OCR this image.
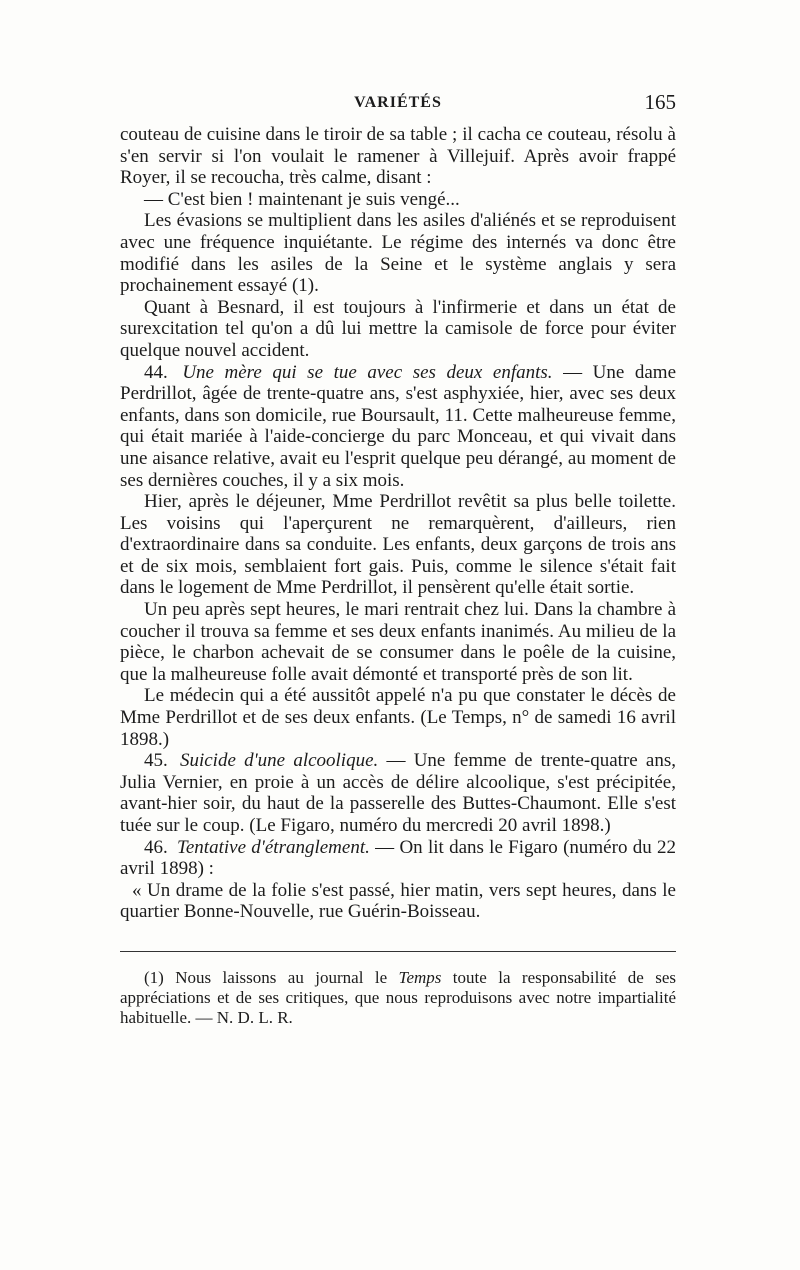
VARIÉTÉS	165

couteau de cuisine dans le tiroir de sa table ; il cacha ce couteau, résolu à s'en servir si l'on voulait le ramener à Villejuif. Après avoir frappé Royer, il se recoucha, très calme, disant :

— C'est bien ! maintenant je suis vengé...

Les évasions se multiplient dans les asiles d'aliénés et se reproduisent avec une fréquence inquiétante. Le régime des internés va donc être modifié dans les asiles de la Seine et le système anglais y sera prochainement essayé (1).

Quant à Besnard, il est toujours à l'infirmerie et dans un état de surexcitation tel qu'on a dû lui mettre la camisole de force pour éviter quelque nouvel accident.

44. Une mère qui se tue avec ses deux enfants. — Une dame Perdrillot, âgée de trente-quatre ans, s'est asphyxiée, hier, avec ses deux enfants, dans son domicile, rue Boursault, 11. Cette malheureuse femme, qui était mariée à l'aide-concierge du parc Monceau, et qui vivait dans une aisance relative, avait eu l'esprit quelque peu dérangé, au moment de ses dernières couches, il y a six mois.

Hier, après le déjeuner, Mme Perdrillot revêtit sa plus belle toilette. Les voisins qui l'aperçurent ne remarquèrent, d'ailleurs, rien d'extraordinaire dans sa conduite. Les enfants, deux garçons de trois ans et de six mois, semblaient fort gais. Puis, comme le silence s'était fait dans le logement de Mme Perdrillot, il pensèrent qu'elle était sortie.

Un peu après sept heures, le mari rentrait chez lui. Dans la chambre à coucher il trouva sa femme et ses deux enfants inanimés. Au milieu de la pièce, le charbon achevait de se consumer dans le poêle de la cuisine, que la malheureuse folle avait démonté et transporté près de son lit.

Le médecin qui a été aussitôt appelé n'a pu que constater le décès de Mme Perdrillot et de ses deux enfants. (Le Temps, n° de samedi 16 avril 1898.)

45. Suicide d'une alcoolique. — Une femme de trente-quatre ans, Julia Vernier, en proie à un accès de délire alcoolique, s'est précipitée, avant-hier soir, du haut de la passerelle des Buttes-Chaumont. Elle s'est tuée sur le coup. (Le Figaro, numéro du mercredi 20 avril 1898.)

46. Tentative d'étranglement. — On lit dans le Figaro (numéro du 22 avril 1898) :

« Un drame de la folie s'est passé, hier matin, vers sept heures, dans le quartier Bonne-Nouvelle, rue Guérin-Boisseau.

(1) Nous laissons au journal le Temps toute la responsabilité de ses appréciations et de ses critiques, que nous reproduisons avec notre impartialité habituelle. — N. D. L. R.
